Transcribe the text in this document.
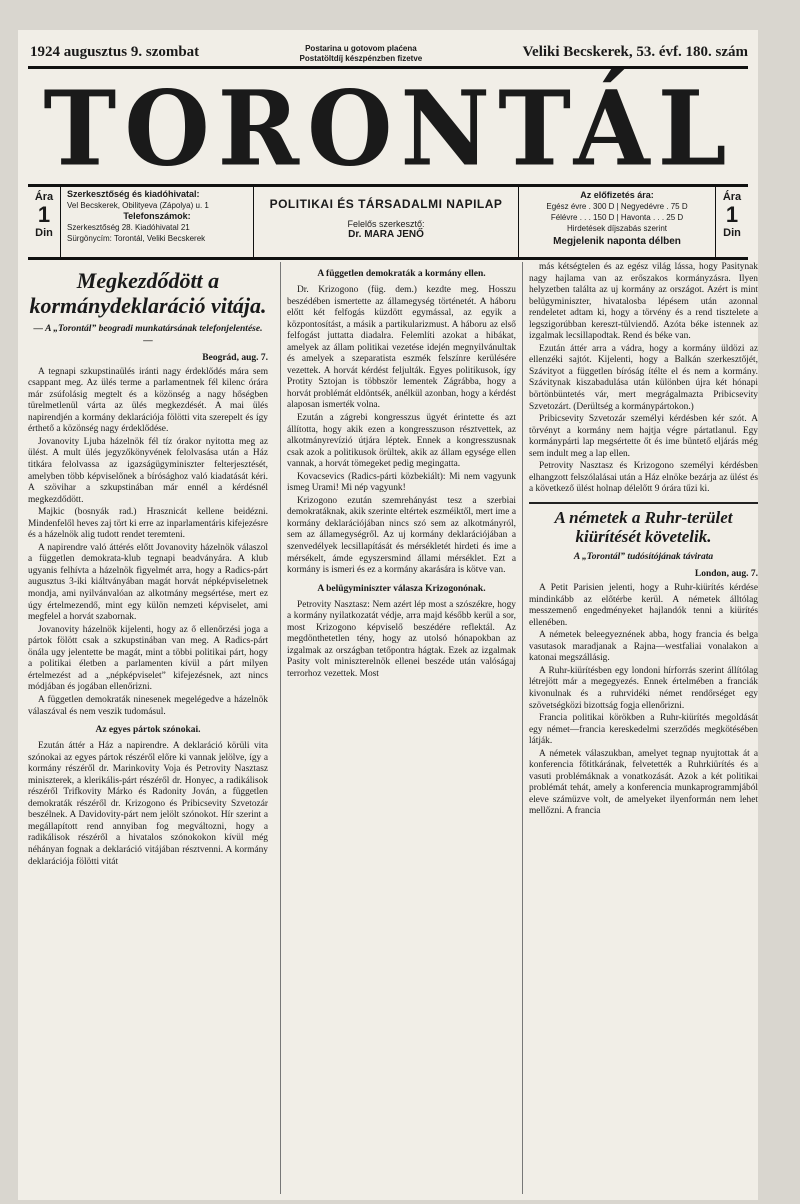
1924 augusztus 9. szombat	Postarina u gotovom plaćena
Postatöltdíj készpénzben fizetve	Veliki Becskerek, 53. évf. 180. szám
TORONTÁL
Ára
1
Din
Szerkesztőség és kiadóhivatal:
Vel Becskerek, Obilityeva (Zápolya) u. 1
Telefonszámok:
Szerkesztőség 28. Kiadóhivatal 21
Sürgönycím: Torontál, Veliki Becskerek
POLITIKAI ÉS TÁRSADALMI NAPILAP
Felelős szerkesztő:
Dr. MARA JENŐ
Az előfizetés ára:
Egész évre . 300 D | Negyedévre . 75 D
Félévre . . . 150 D | Havonta . . . 25 D
Hirdetések díjszabás szerint
Megjelenik naponta délben
Ára
1
Din
Megkezdődött a kormánydeklaráció vitája.
— A „Torontál” beogradi munkatársának telefonjelentése. —
Beográd, aug. 7.

A tegnapi szkupstinaülés iránti nagy érdeklődés mára sem csappant meg. Az ülés terme a parlamentnek fél kilenc órára már zsúfolásig megtelt és a közönség a nagy hőségben türelmetlenül várta az ülés megkezdését. A mai ülés napirendjén a kormány deklarációja fölötti vita szerepelt és így érthető a közönség nagy érdeklődése.

Jovanovity Ljuba házelnök fél tíz órakor nyitotta meg az ülést. A mult ülés jegyzőkönyvének felolvasása után a Ház titkára felolvassa az igazságügyminiszter felterjesztését, amelyben több képviselőnek a bírósághoz való kiadatását kéri. A szövihar a szkupstinában már ennél a kérdésnél megkezdődött.

Majkic (bosnyák rad.) Hrasznicát kellene beidézni. Mindenfelől heves zaj tört ki erre az inparlamentáris kifejezésre és a házelnök alig tudott rendet teremteni.

A napirendre való áttérés előtt Jovanovity házelnök válaszol a független demokrata-klub tegnapi beadványára. A klub ugyanis felhívta a házelnök figyelmét arra, hogy a Radics-párt augusztus 3-iki kiáltványában magát horvát népképviseletnek mondja, ami nyilvánvalóan az alkotmány megsértése, mert ez úgy értelmezendő, mint egy külön nemzeti képviselet, ami megfelel a horvát szabornak.

Jovanovity házelnök kijelenti, hogy az ő ellenőrzési joga a pártok fölött csak a szkupstinában van meg. A Radics-párt önála ugy jelentette be magát, mint a többi politikai párt, hogy a politikai életben a parlamenten kívül a párt milyen értelmezést ad a „népképviselet” kifejezésnek, azt nincs módjában és jogában ellenőrizni.

A független demokraták ninesenek megelégedve a házelnök válaszával és nem veszik tudomásul.

Az egyes pártok szónokai.

Ezután áttér a Ház a napirendre. A deklaráció körüli vita szónokai az egyes pártok részéről előre ki vannak jelölve, így a kormány részéről dr. Marinkovity Voja és Petrovity Nasztasz miniszterek, a klerikális-párt részéről dr. Honyec, a radikálisok részéről Trifkovity Márko és Radonity Jován, a független demokraták részéről dr. Krizogono és Pribicsevity Szvetozár beszélnek. A Davidovity-párt nem jelölt szónokot. Hír szerint a megállapított rend annyiban fog megváltozni, hogy a radikálisok részéről a hivatalos szónokokon kívül még néhányan fognak a deklaráció vitájában résztvenni. A kormány deklarációja fölötti vitát

A független demokraták a kormány ellen.

Dr. Krizogono (füg. dem.) kezdte meg. Hosszu beszédében ismertette az államegység történetét. A háboru előtt két felfogás küzdött egymással, az egyik a központosítást, a másik a partikularizmust. A háboru az első felfogást juttatta diadalra. Felemlíti azokat a hibákat, amelyek az állam politikai vezetése idején megnyilvánultak és amelyek a szeparatista eszmék felszínre kerülésére vezettek. A horvát kérdést feljulták. Egyes politikusok, így Protity Sztojan is többször lementek Zágrábba, hogy a horvát problémát eldöntsék, anélkül azonban, hogy a kérdést alaposan ismerték volna.

Ezután a zágrebi kongresszus ügyét érintette és azt állította, hogy akik ezen a kongresszuson résztvettek, az alkotmányrevízió útjára léptek. Ennek a kongresszusnak csak azok a politikusok örültek, akik az állam egysége ellen vannak, a horvát tömegeket pedig megingatta.

Kovacsevics (Radics-párti közbekiált): Mi nem vagyunk ismeg Urami! Mi nép vagyunk!

Krizogono ezután szemrehányást tesz a szerbiai demokratáknak, akik szerinte eltértek eszméiktől, mert ime a kormány deklarációjában nincs szó sem az alkotmányról, sem az államegységről. Az uj kormány deklarációjában a szenvedélyek lecsillapítását és mérsékletét hirdeti és ime a mérsékelt, ámde egyszersmind állami mérséklet. Ezt a kormány is ismeri és ez a kormány akarására is kötve van.

A belügyminiszter válasza Krizogonónak.

Petrovity Nasztasz: Nem azért lép most a szószékre, hogy a kormány nyilatkozatát védje, arra majd később kerül a sor, most Krizogono képviselő beszédére reflektál. Az megdönthetetlen tény, hogy az utolsó hónapokban az izgalmak az országban tetőpontra hágtak. Ezek az izgalmak Pasity volt miniszterelnök ellenei beszéde után valóságaj terrorhoz vezettek. Most

más kétségtelen és az egész világ lássa, hogy Pasitynak nagy hajlama van az erőszakos kormányzásra. Ilyen helyzetben találta az uj kormány az országot. Azért is mint belügyminiszter, hivatalosba lépésem után azonnal rendeletet adtam ki, hogy a törvény és a rend tisztelete a legszigorúbban kereszt-tülviendő. Azóta béke istennek az izgalmak lecsillapodtak. Rend és béke van.

Ezután áttér arra a vádra, hogy a kormány üldözi az ellenzéki sajtót. Kijelenti, hogy a Balkán szerkesztőjét, Szávityot a független bíróság ítélte el és nem a kormány. Szávitynak kiszabadulása után különben újra két hónapi börtönbüntetés vár, mert megrágalmazta Pribicsevity Szvetozárt. (Derültség a kormánypártokon.)

Pribicsevity Szvetozár személyi kérdésben kér szót. A törvényt a kormány nem hajtja végre pártatlanul. Egy kormánypárti lap megsértette őt és ime büntető eljárás még sem indult meg a lap ellen.

Petrovity Nasztasz és Krizogono személyi kérdésben elhangzott felszólalásai után a Ház elnöke bezárja az ülést és a következő ülést holnap délelőtt 9 órára tűzi ki.

A németek a Ruhr-terület kiürítését követelik.
A „Torontál” tudósítójának távirata
London, aug. 7.

A Petit Parisien jelenti, hogy a Ruhr-kiürítés kérdése mindinkább az előtérbe kerül. A németek álltólag messzemenő engedményeket hajlandók tenni a kiürítés ellenében.

A németek beleegyeznének abba, hogy francia és belga vasutasok maradjanak a Rajna—westfaliai vonalakon a katonai megszállásig.

A Ruhr-kiürítésben egy londoni hírforrás szerint állítólag létrejött már a megegyezés. Ennek értelmében a franciák kivonulnak és a ruhrvidéki német rendőrséget egy szövetségközi bizottság fogja ellenőrizni.

Francia politikai körökben a Ruhr-kiürítés megoldását egy német—francia kereskedelmi szerződés megkötésében látják.

A németek válaszukban, amelyet tegnap nyujtottak át a konferencia főtitkárának, felvetették a Ruhrkiürítés és a vasuti problémáknak a vonatkozását. Azok a két politikai problémát tehát, amely a konferencia munkaprogrammjából eleve számüzve volt, de amelyeket ilyenformán nem lehet mellőzni. A francia
